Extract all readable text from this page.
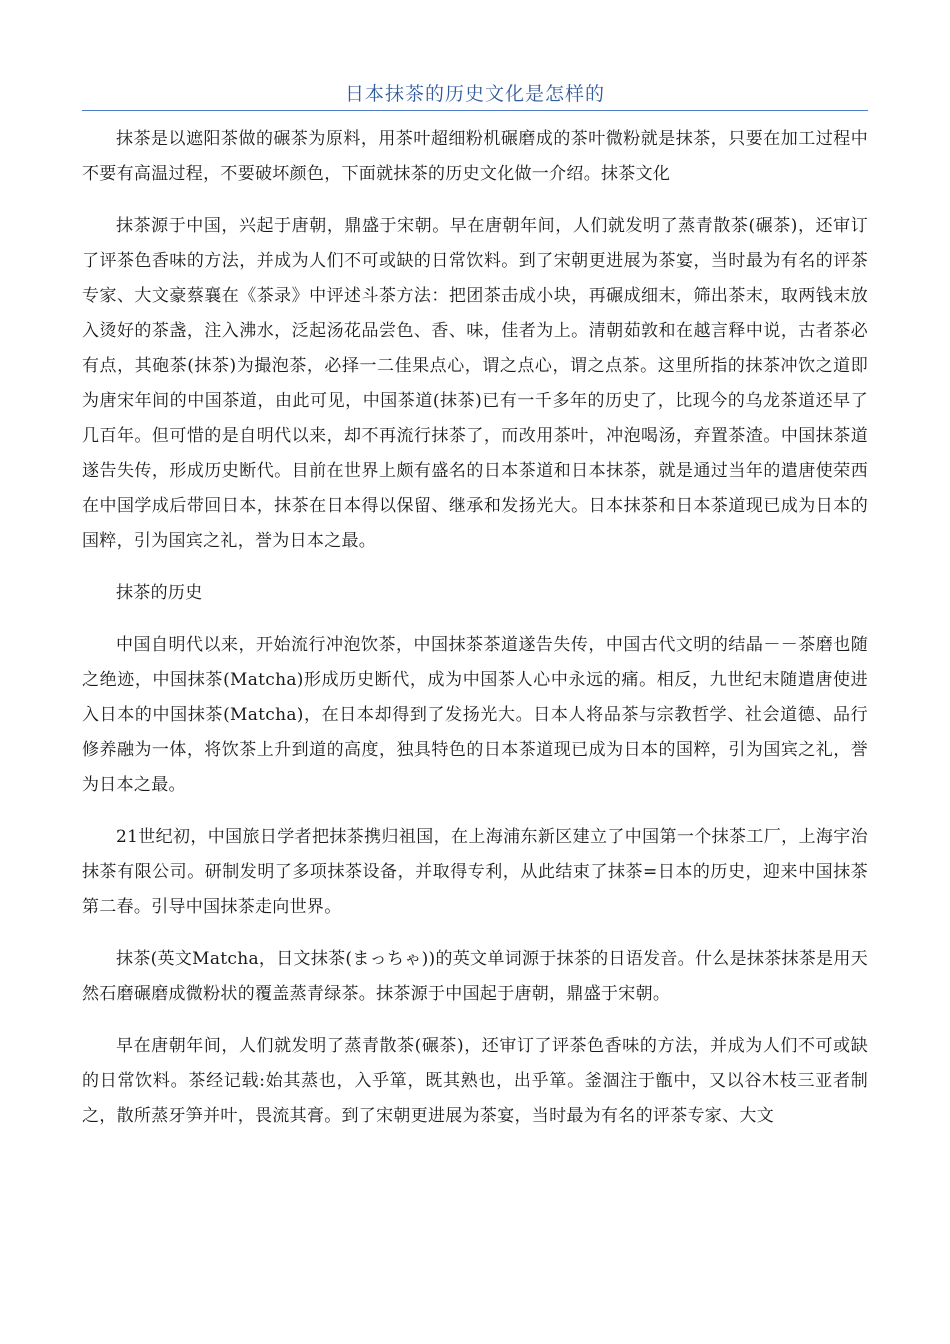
日本抹茶的历史文化是怎样的

抹茶是以遮阳茶做的碾茶为原料，用茶叶超细粉机碾磨成的茶叶微粉就是抹茶，只要在加工过程中不要有高温过程，不要破坏颜色，下面就抹茶的历史文化做一介绍。抹茶文化

抹茶源于中国，兴起于唐朝，鼎盛于宋朝。早在唐朝年间，人们就发明了蒸青散茶(碾茶)，还审订了评茶色香味的方法，并成为人们不可或缺的日常饮料。到了宋朝更进展为茶宴，当时最为有名的评茶专家、大文豪蔡襄在《茶录》中评述斗茶方法：把团茶击成小块，再碾成细末，筛出茶末，取两钱末放入烫好的茶盏，注入沸水，泛起汤花品尝色、香、味，佳者为上。清朝茹敦和在越言释中说，古者茶必有点，其砲茶(抹茶)为撮泡茶，必择一二佳果点心，谓之点心，谓之点茶。这里所指的抹茶冲饮之道即为唐宋年间的中国茶道，由此可见，中国茶道(抹茶)已有一千多年的历史了，比现今的乌龙茶道还早了几百年。但可惜的是自明代以来，却不再流行抹茶了，而改用茶叶，冲泡喝汤，弃置茶渣。中国抹茶道遂告失传，形成历史断代。目前在世界上颇有盛名的日本茶道和日本抹茶，就是通过当年的遣唐使荣西在中国学成后带回日本，抹茶在日本得以保留、继承和发扬光大。日本抹茶和日本茶道现已成为日本的国粹，引为国宾之礼，誉为日本之最。

抹茶的历史

中国自明代以来，开始流行冲泡饮茶，中国抹茶茶道遂告失传，中国古代文明的结晶－－茶磨也随之绝迹，中国抹茶(Matcha)形成历史断代，成为中国茶人心中永远的痛。相反，九世纪末随遣唐使进入日本的中国抹茶(Matcha)，在日本却得到了发扬光大。日本人将品茶与宗教哲学、社会道德、品行修养融为一体，将饮茶上升到道的高度，独具特色的日本茶道现已成为日本的国粹，引为国宾之礼，誉为日本之最。

21世纪初，中国旅日学者把抹茶携归祖国，在上海浦东新区建立了中国第一个抹茶工厂，上海宇治抹茶有限公司。研制发明了多项抹茶设备，并取得专利，从此结束了抹茶=日本的历史，迎来中国抹茶第二春。引导中国抹茶走向世界。

抹茶(英文Matcha，日文抹茶(まっちゃ))的英文单词源于抹茶的日语发音。什么是抹茶抹茶是用天然石磨碾磨成微粉状的覆盖蒸青绿茶。抹茶源于中国起于唐朝，鼎盛于宋朝。

早在唐朝年间，人们就发明了蒸青散茶(碾茶)，还审订了评茶色香味的方法，并成为人们不可或缺的日常饮料。茶经记载:始其蒸也，入乎箪，既其熟也，出乎箪。釜涸注于甑中，又以谷木枝三亚者制之，散所蒸牙笋并叶，畏流其膏。到了宋朝更进展为茶宴，当时最为有名的评茶专家、大文
